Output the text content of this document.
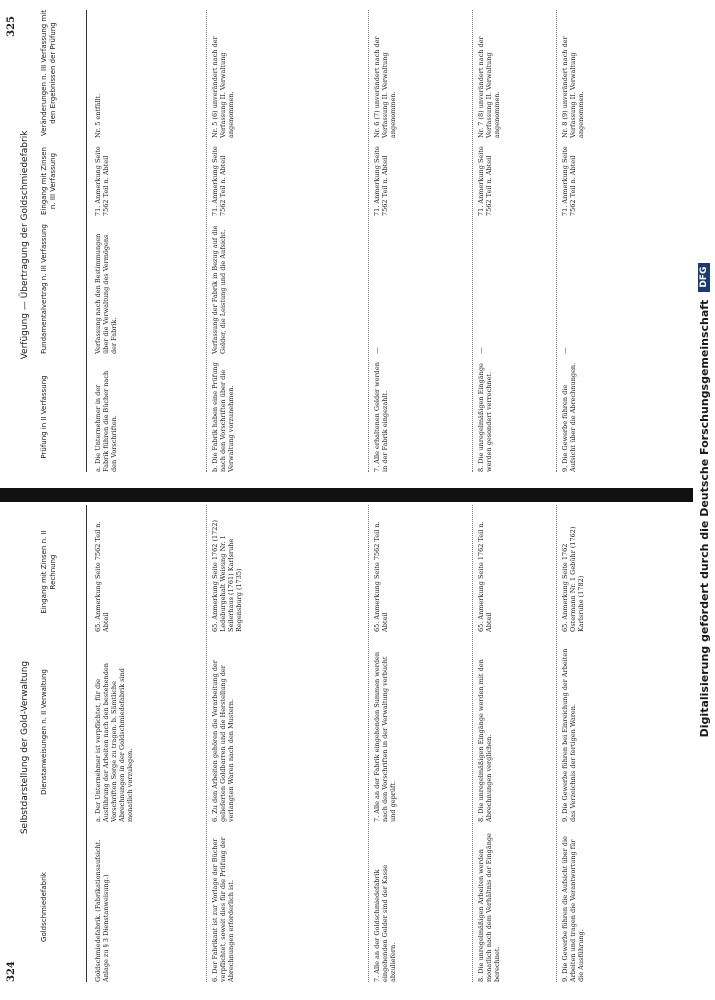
324
Selbstdarstellung der Gold-Verwaltung
Goldschmiedefabrik
Dienstanweisungen n. II Verwaltung
Eingang mit Zinsen n. II Rechnung
Goldschmiedefabrik. (Fabrikationsaufsicht. Anlage zu § 3 Dienstanweisung.)
a. Der Unternehmer ist verpflichtet, für die Ausführung der Arbeiten nach den bestehenden Vorschriften Sorge zu tragen. b. Sämtliche Abrechnungen in der Goldschmiedefabrik sind monatlich vorzulegen.
65. Anmerkung Seite 7562 Teil n. Abteil
6. Der Fabrikant ist zur Vorlage der Bücher verpflichtet, soweit dies für die Prüfung der Abrechnungen erforderlich ist.
6. Zu den Arbeiten gehören die Verarbeitung der gelieferten Goldbarren und die Herstellung der verlangten Waren nach den Mustern.
65. Anmerkung Seite 1762 (1722) Ledeburgehalt Weisung Nr. 1 Seilerhaus (1761) Karlsruhe Regensburg (1735)
7. Alle an der Goldschmiedefabrik eingehenden Gelder sind der Kasse abzuliefern.
7. Alle an der Fabrik eingehenden Summen werden nach den Vorschriften in der Verwaltung verbucht und geprüft.
65. Anmerkung Seite 7562 Teil n. Abteil
8. Die unregelmäßigen Arbeiten werden monatlich nach dem Verhältnis der Eingänge berechnet.
8. Die unregelmäßigen Eingänge werden mit den Abrechnungen verglichen.
65. Anmerkung Seite 1762 Teil n. Abteil
9. Die Gewerbe führen die Aufsicht über die Arbeiten und tragen die Verantwortung für die Ausführung.
9. Die Gewerbe führen bei Einreichung der Arbeiten das Verzeichnis der fertigen Waren.
65. Anmerkung Seite 1762 Ostermann Nr. 1 Gebühr (1762) Karlsruhe (1782)
325
Verfügung — Übertragung der Goldschmiedefabrik
Prüfung in II Verfassung
Fundamentalvertrag n. III Verfassung
Eingang mit Zinsen n. III Verfassung
Veränderungen n. III Verfassung mit den Ergebnissen der Prüfung
a. Die Unternehmer in der Fabrik führen die Bücher nach den Vorschriften.
Verfassung nach den Bestimmungen über die Verwaltung des Vermögens der Fabrik.
71. Anmerkung Seite 7562 Teil n. Abteil
Nr. 5 entfällt.
b. Die Fabrik haben eine Prüfung nach den Vorschriften über die Verwaltung vorzunehmen.
Verfassung der Fabrik in Bezug auf die Gelder, die Leistung und die Aufsicht.
71. Anmerkung Seite 7562 Teil n. Abteil
Nr. 5 (6) unverändert nach der Verfassung II. Verwaltung angenommen.
7. Alle erhaltenen Gelder werden in der Fabrik eingezahlt.
—
71. Anmerkung Seite 7562 Teil n. Abteil
Nr. 6 (7) unverändert nach der Verfassung II. Verwaltung angenommen.
8. Die unregelmäßigen Eingänge werden gesondert verrechnet.
—
71. Anmerkung Seite 7562 Teil n. Abteil
Nr. 7 (8) unverändert nach der Verfassung II. Verwaltung angenommen.
9. Die Gewerbe führen die Aufsicht über die Abrechnungen.
—
71. Anmerkung Seite 7562 Teil n. Abteil
Nr. 8 (9) unverändert nach der Verfassung II. Verwaltung angenommen.
Digitalisierung gefördert durch die Deutsche Forschungsgemeinschaft
DFG
